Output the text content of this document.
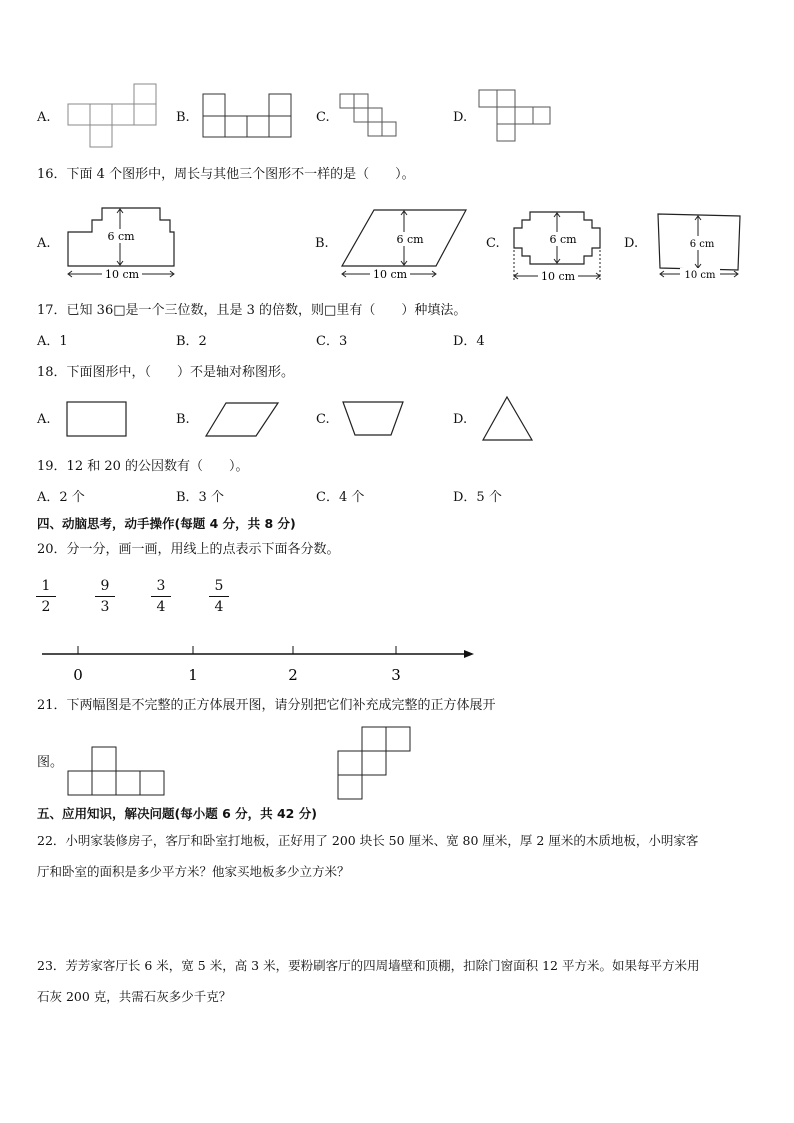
A.	B.	C.	D.
16．下面 4 个图形中，周长与其他三个图形不一样的是（　　）。
A.	6 cm
10 cm
B.	6 cm
10 cm
C.	6 cm
10 cm
D.	6 cm
10 cm
17．已知 36□是一个三位数，且是 3 的倍数，则□里有（　　）种填法。
A．1	B．2	C．3	D．4
18．下面图形中，（　　）不是轴对称图形。
A.	B.	C.	D.
19．12 和 20 的公因数有（　　）。
A．2 个	B．3 个	C．4 个	D．5 个
四、动脑思考，动手操作(每题 4 分，共 8 分)
20．分一分，画一画，用线上的点表示下面各分数。
1
2
9
3
3
4
5
4
0	1	2	3
21．下两幅图是不完整的正方体展开图，请分别把它们补充成完整的正方体展开
图。
五、应用知识，解决问题(每小题 6 分，共 42 分)
22．小明家装修房子，客厅和卧室打地板，正好用了 200 块长 50 厘米、宽 80 厘米，厚 2 厘米的木质地板，小明家客
厅和卧室的面积是多少平方米？他家买地板多少立方米？
23．芳芳家客厅长 6 米，宽 5 米，高 3 米，要粉刷客厅的四周墙壁和顶棚，扣除门窗面积 12 平方米。如果每平方米用
石灰 200 克，共需石灰多少千克？
